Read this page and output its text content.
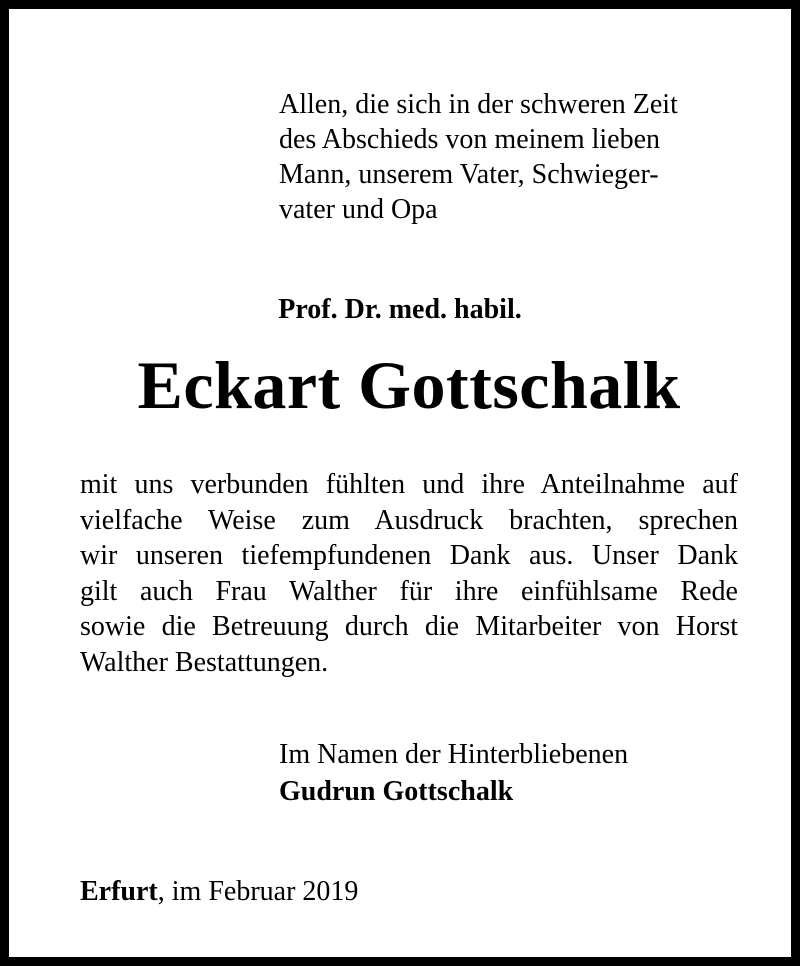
Allen, die sich in der schweren Zeit
des Abschieds von meinem lieben
Mann, unserem Vater, Schwieger-
vater und Opa
Prof. Dr. med. habil.
Eckart Gottschalk
mit uns verbunden fühlten und ihre Anteilnahme auf
vielfache Weise zum Ausdruck brachten, sprechen
wir unseren tiefempfundenen Dank aus. Unser Dank
gilt auch Frau Walther für ihre einfühlsame Rede
sowie die Betreuung durch die Mitarbeiter von Horst
Walther Bestattungen.
Im Namen der Hinterbliebenen
Gudrun Gottschalk
Erfurt, im Februar 2019
